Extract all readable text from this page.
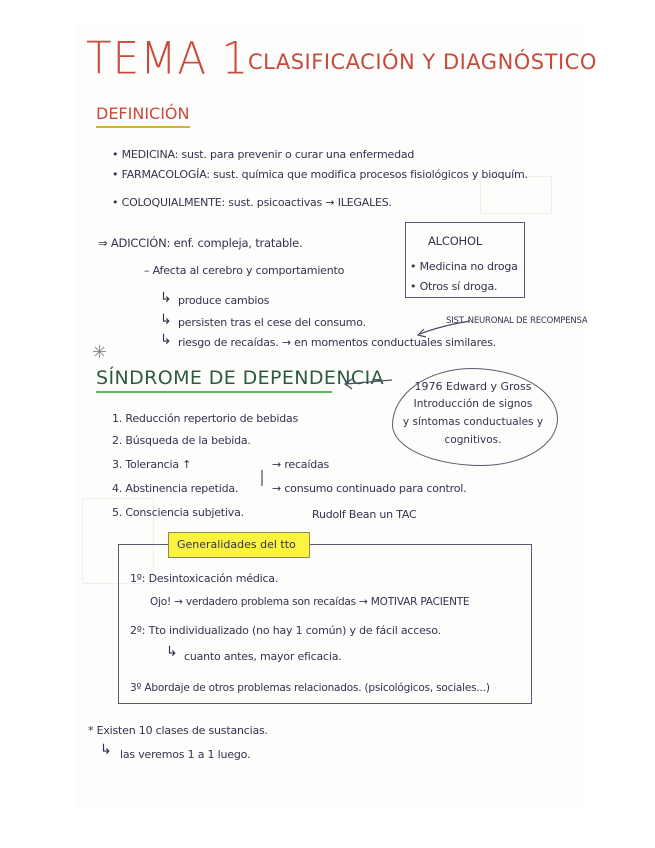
TEMA 1
CLASIFICACIÓN Y DIAGNÓSTICO
DEFINICIÓN
• MEDICINA: sust. para prevenir o curar una enfermedad
• FARMACOLOGÍA: sust. química que modifica procesos fisiológicos y bioquím.
• COLOQUIALMENTE: sust. psicoactivas → ILEGALES.
⇒ ADICCIÓN: enf. compleja, tratable.
– Afecta al cerebro y comportamiento
↳ produce cambios
↳ persisten tras el cese del consumo.
↳ riesgo de recaídas. → en momentos conductuales similares.
SIST. NEURONAL DE RECOMPENSA
ALCOHOL
• Medicina no droga
• Otros sí droga.
✳
SÍNDROME DE DEPENDENCIA
1. Reducción repertorio de bebidas
2. Búsqueda de la bebida.
3. Tolerancia ↑
4. Abstinencia repetida.
5. Consciencia subjetiva.
→ recaídas
→ consumo continuado para control.
Rudolf Bean un TAC
1976 Edward y Gross
Introducción de signos
y síntomas conductuales y
cognitivos.
Generalidades del tto
1º: Desintoxicación médica.
Ojo! → verdadero problema son recaídas → MOTIVAR PACIENTE
2º: Tto individualizado (no hay 1 común) y de fácil acceso.
↳ cuanto antes, mayor eficacia.
3º Abordaje de otros problemas relacionados. (psicológicos, sociales...)
* Existen 10 clases de sustancias.
↳ las veremos 1 a 1 luego.
